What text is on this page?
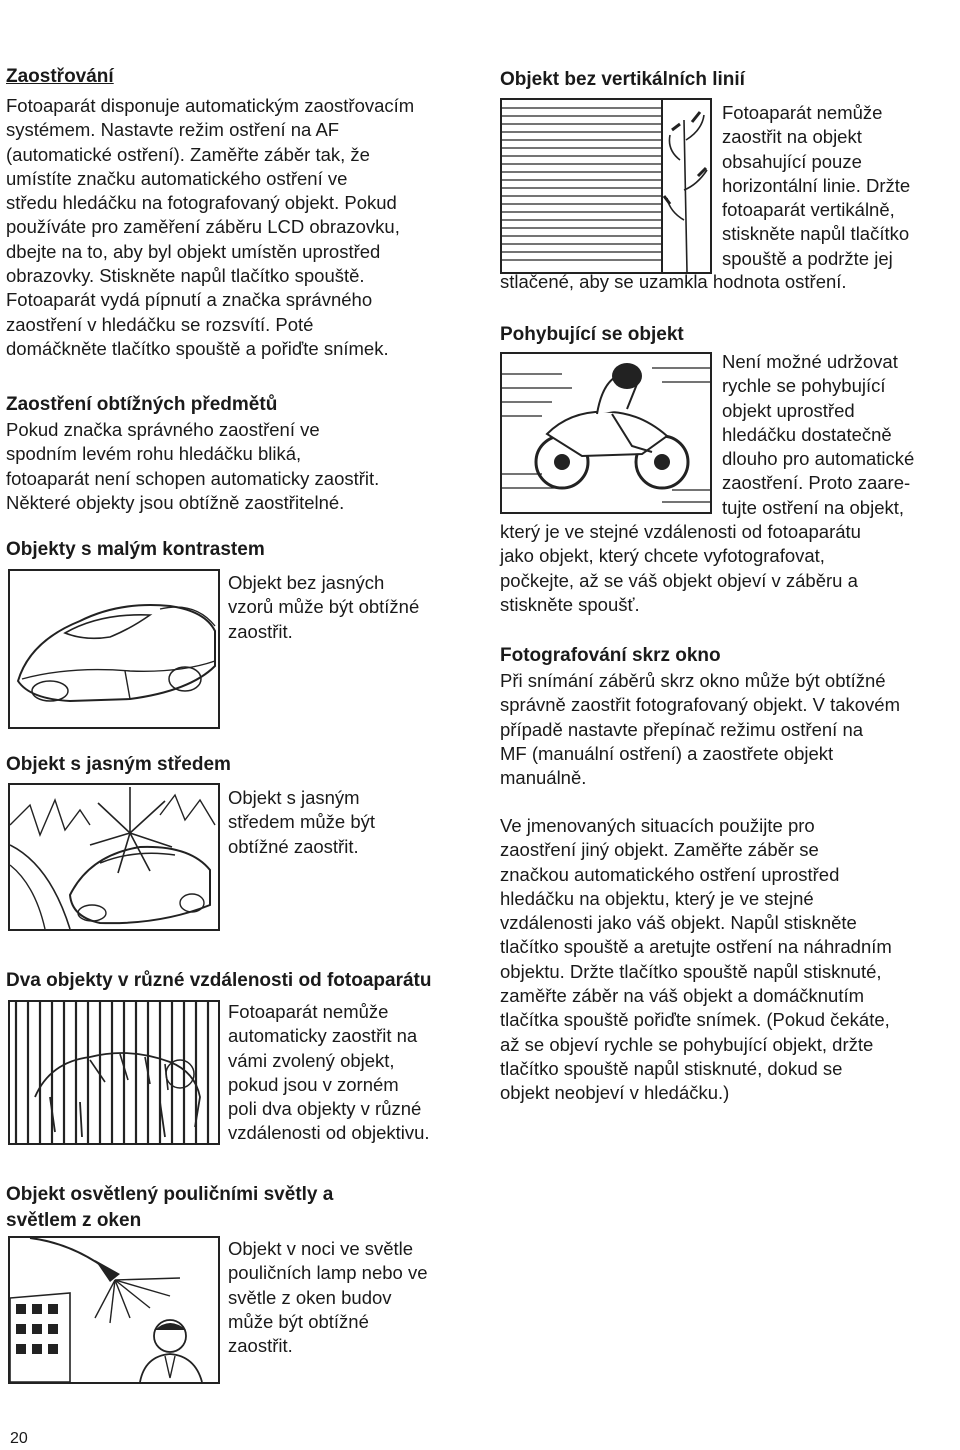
Zaostřování

Fotoaparát disponuje automatickým zaostřovacím

systémem. Nastavte režim ostření na AF

(automatické ostření). Zaměřte záběr tak, že

umístíte značku automatického ostření ve

středu hledáčku na fotografovaný objekt. Pokud

používáte pro zaměření záběru LCD obrazovku,

dbejte na to, aby byl objekt umístěn uprostřed

obrazovky. Stiskněte napůl tlačítko spouště.

Fotoaparát vydá pípnutí a značka správného

zaostření v hledáčku se rozsvítí. Poté

domáčkněte tlačítko spouště a pořiďte snímek.

Zaostření obtížných předmětů

Pokud značka správného zaostření ve

spodním levém rohu hledáčku bliká,

fotoaparát není schopen automaticky zaostřit.

Některé objekty jsou obtížně zaostřitelné.

Objekty s malým kontrastem

Objekt bez jasných
vzorů může být obtížné
zaostřit.

Objekt s jasným středem

Objekt s jasným
středem může být
obtížné zaostřit.

Dva objekty v různé vzdálenosti od fotoaparátu

Fotoaparát nemůže
automaticky zaostřit na
vámi zvolený objekt,
pokud jsou v zorném
poli dva objekty v různé
vzdálenosti od objektivu.

Objekt osvětlený pouličními světly a

světlem z oken

Objekt v noci ve světle
pouličních lamp nebo ve
světle z oken budov
může být obtížné
zaostřit.

Objekt bez vertikálních linií

Fotoaparát nemůže
zaostřit na objekt
obsahující pouze
horizontální linie. Držte
fotoaparát vertikálně,
stiskněte napůl tlačítko
spouště a podržte jej
stlačené, aby se uzamkla hodnota ostření.

Pohybující se objekt

Není možné udržovat
rychle se pohybující
objekt uprostřed
hledáčku dostatečně
dlouho pro automatické
zaostření. Proto zaare-
tujte ostření na objekt,
který je ve stejné vzdálenosti od fotoaparátu
jako objekt, který chcete vyfotografovat,
počkejte, až se váš objekt objeví v záběru a
stiskněte spoušť.

Fotografování skrz okno

Při snímání záběrů skrz okno může být obtížné

správně zaostřit fotografovaný objekt. V takovém

případě nastavte přepínač režimu ostření na

MF (manuální ostření) a zaostřete objekt

manuálně.

Ve jmenovaných situacích použijte pro

zaostření jiný objekt. Zaměřte záběr se

značkou automatického ostření uprostřed

hledáčku na objektu, který je ve stejné

vzdálenosti jako váš objekt. Napůl stiskněte

tlačítko spouště a aretujte ostření na náhradním

objektu. Držte tlačítko spouště napůl stisknuté,

zaměřte záběr na váš objekt a domáčknutím

tlačítka spouště pořiďte snímek. (Pokud čekáte,

až se objeví rychle se pohybující objekt, držte

tlačítko spouště napůl stisknuté, dokud se

objekt neobjeví v hledáčku.)

20
